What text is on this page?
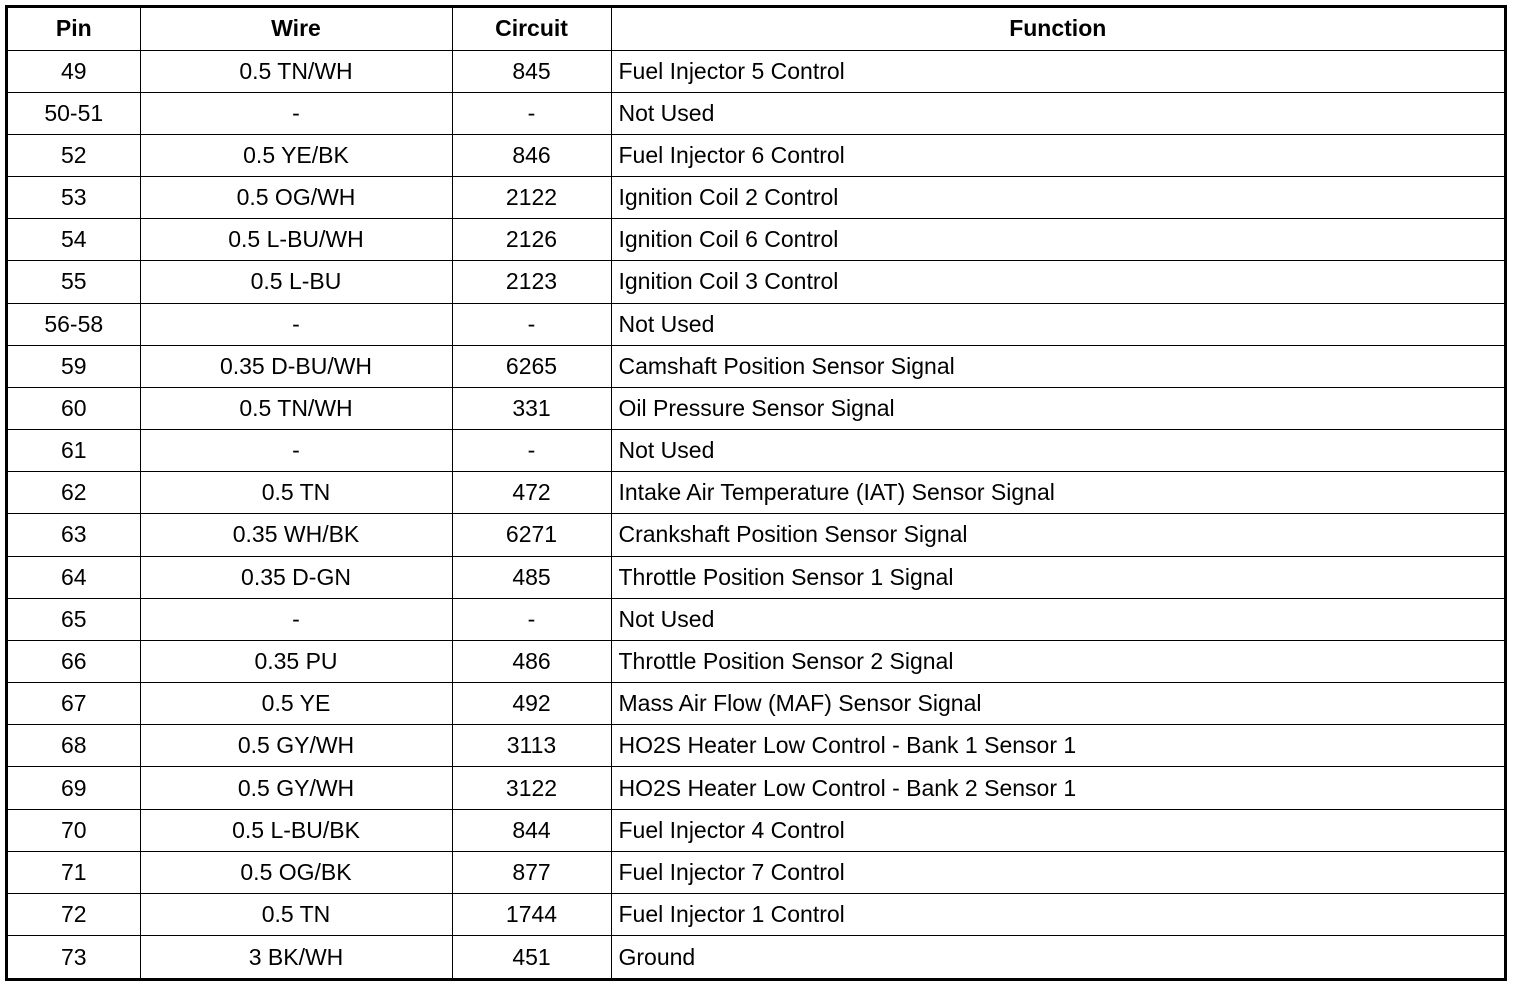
Pin	Wire	Circuit	Function
49	0.5 TN/WH	845	Fuel Injector 5 Control
50-51	-	-	Not Used
52	0.5 YE/BK	846	Fuel Injector 6 Control
53	0.5 OG/WH	2122	Ignition Coil 2 Control
54	0.5 L-BU/WH	2126	Ignition Coil 6 Control
55	0.5 L-BU	2123	Ignition Coil 3 Control
56-58	-	-	Not Used
59	0.35 D-BU/WH	6265	Camshaft Position Sensor Signal
60	0.5 TN/WH	331	Oil Pressure Sensor Signal
61	-	-	Not Used
62	0.5 TN	472	Intake Air Temperature (IAT) Sensor Signal
63	0.35 WH/BK	6271	Crankshaft Position Sensor Signal
64	0.35 D-GN	485	Throttle Position Sensor 1 Signal
65	-	-	Not Used
66	0.35 PU	486	Throttle Position Sensor 2 Signal
67	0.5 YE	492	Mass Air Flow (MAF) Sensor Signal
68	0.5 GY/WH	3113	HO2S Heater Low Control - Bank 1 Sensor 1
69	0.5 GY/WH	3122	HO2S Heater Low Control - Bank 2 Sensor 1
70	0.5 L-BU/BK	844	Fuel Injector 4 Control
71	0.5 OG/BK	877	Fuel Injector 7 Control
72	0.5 TN	1744	Fuel Injector 1 Control
73	3 BK/WH	451	Ground
